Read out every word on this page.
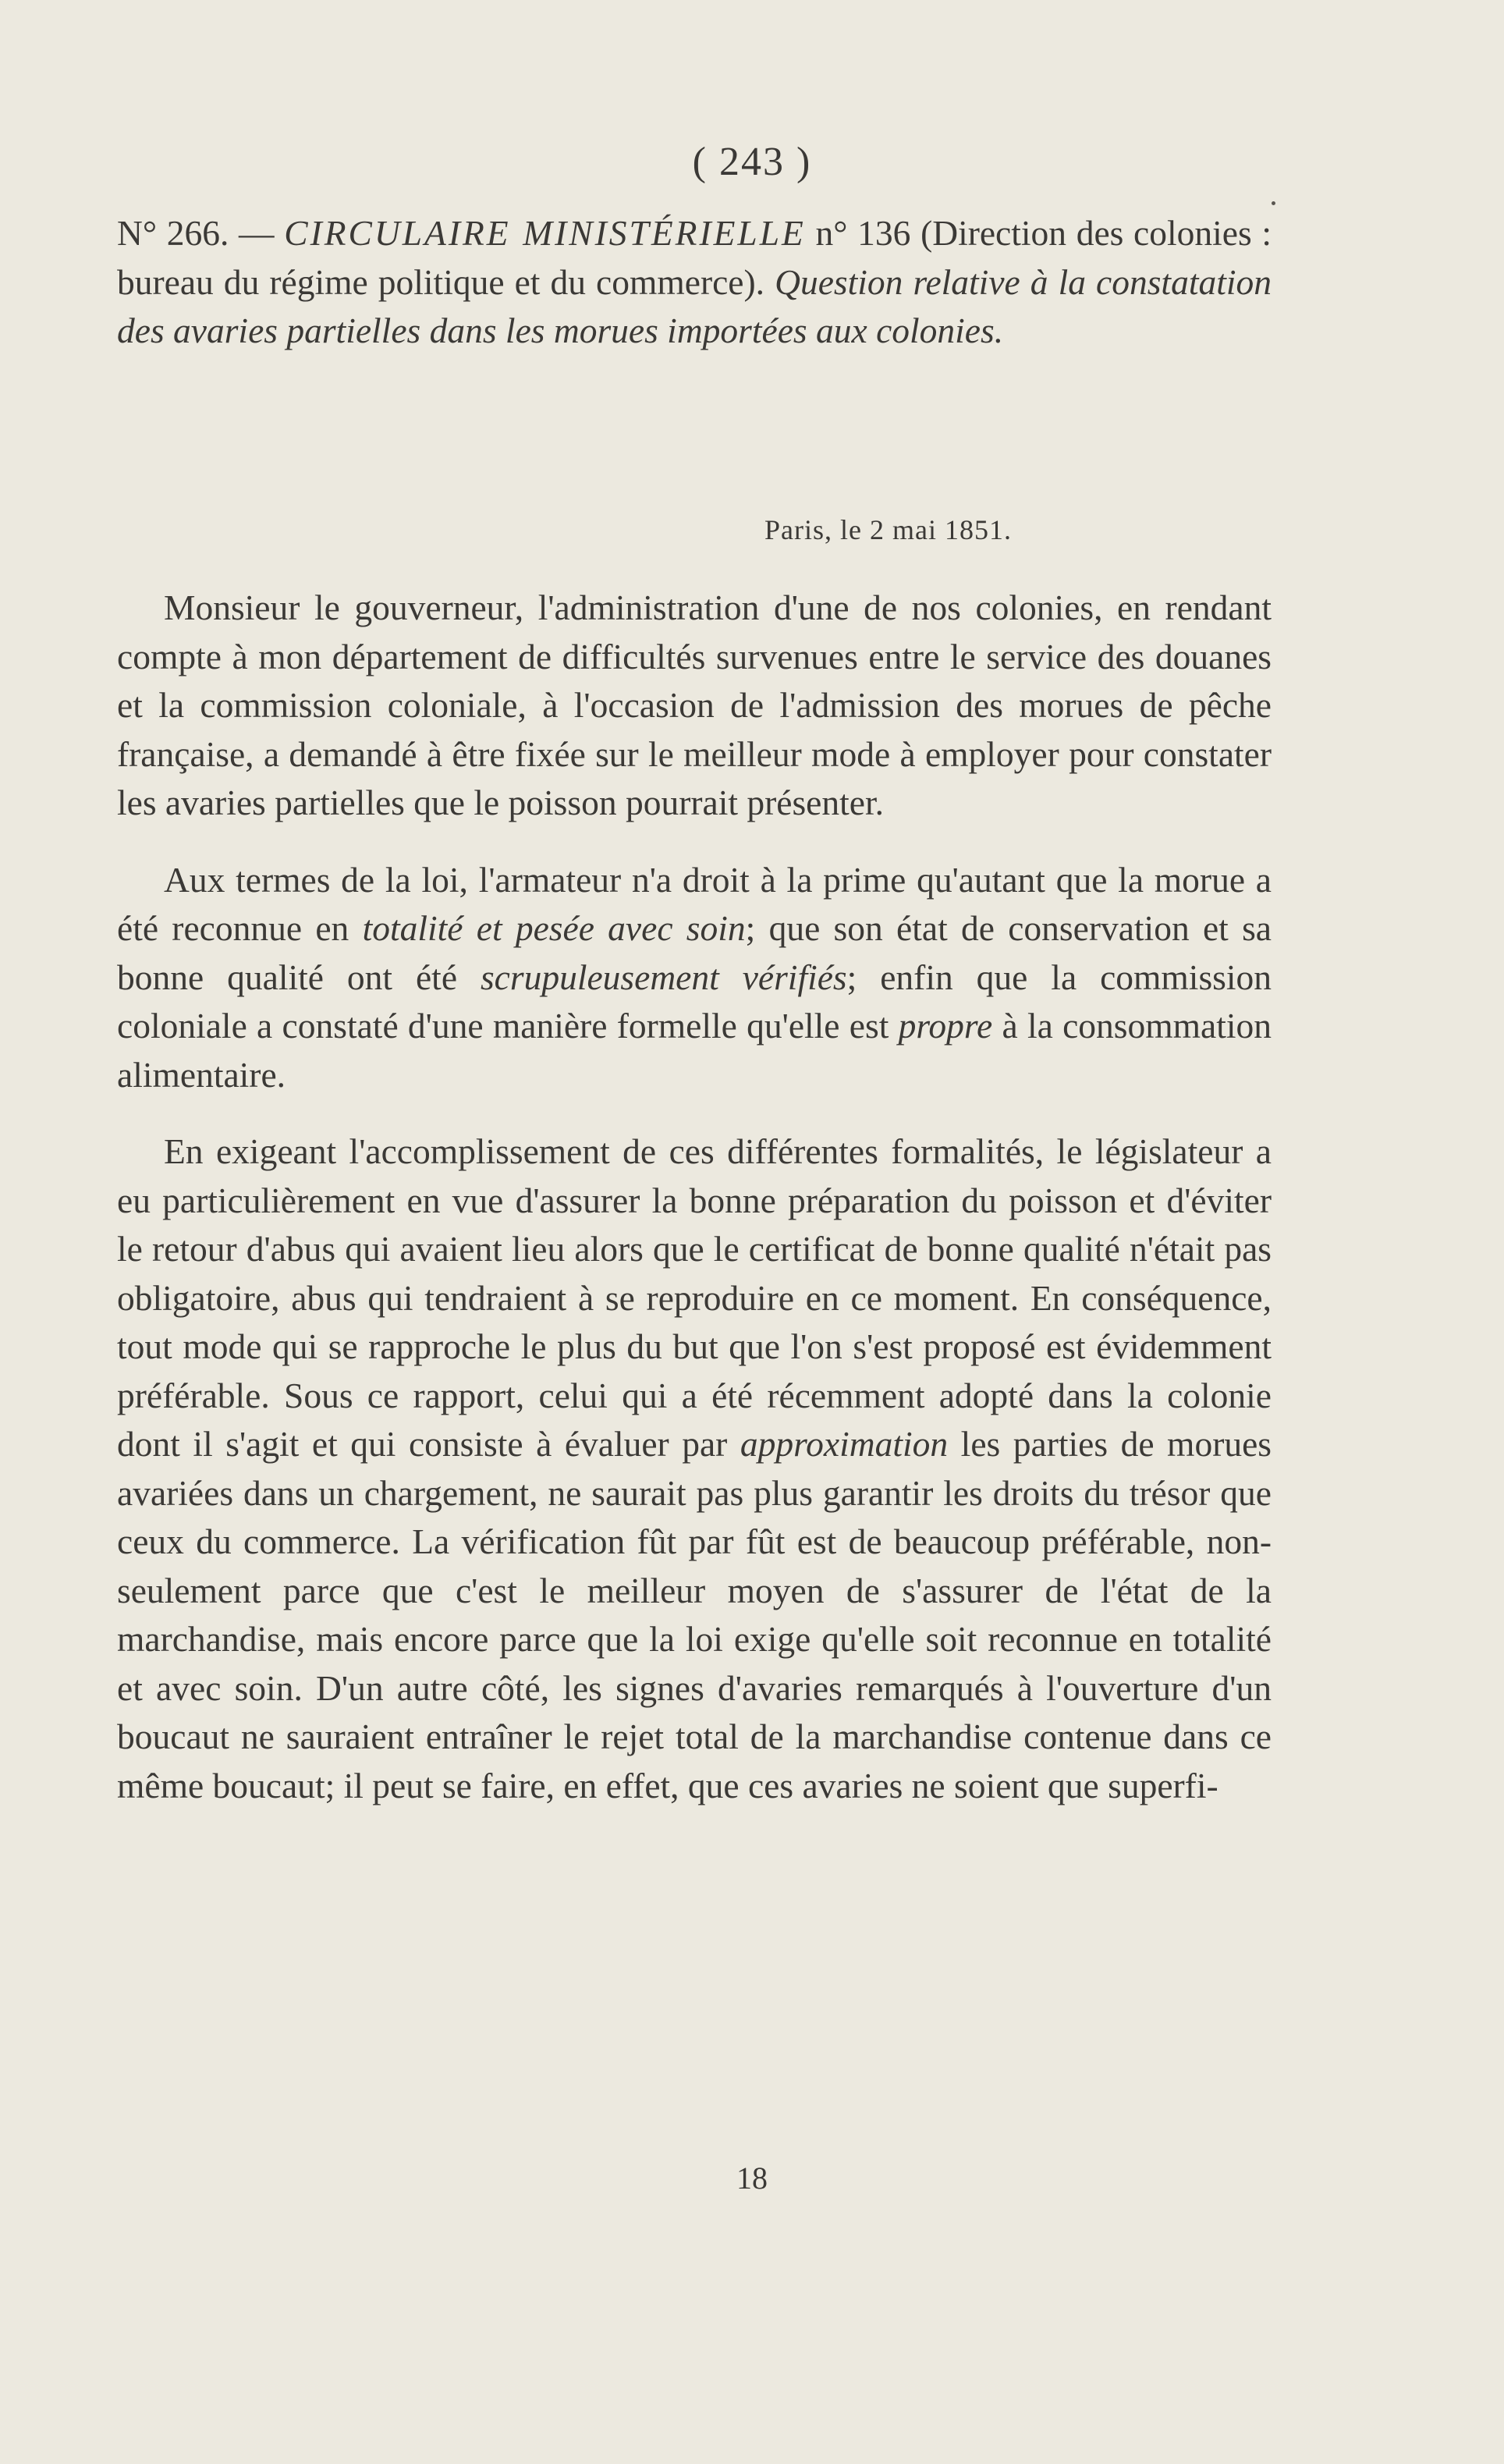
( 243 )
N° 266. — CIRCULAIRE MINISTÉRIELLE n° 136 (Direction des colonies : bureau du régime politique et du commerce). Question relative à la constatation des avaries partielles dans les morues importées aux colonies.
Paris, le 2 mai 1851.

Monsieur le gouverneur, l'administration d'une de nos colonies, en rendant compte à mon département de difficultés survenues entre le service des douanes et la commission coloniale, à l'occasion de l'admission des morues de pêche française, a demandé à être fixée sur le meilleur mode à employer pour constater les avaries partielles que le poisson pourrait présenter.

Aux termes de la loi, l'armateur n'a droit à la prime qu'autant que la morue a été reconnue en totalité et pesée avec soin; que son état de conservation et sa bonne qualité ont été scrupuleusement vérifiés; enfin que la commission coloniale a constaté d'une manière formelle qu'elle est propre à la consommation alimentaire.

En exigeant l'accomplissement de ces différentes formalités, le législateur a eu particulièrement en vue d'assurer la bonne préparation du poisson et d'éviter le retour d'abus qui avaient lieu alors que le certificat de bonne qualité n'était pas obligatoire, abus qui tendraient à se reproduire en ce moment. En conséquence, tout mode qui se rapproche le plus du but que l'on s'est proposé est évidemment préférable. Sous ce rapport, celui qui a été récemment adopté dans la colonie dont il s'agit et qui consiste à évaluer par approximation les parties de morues avariées dans un chargement, ne saurait pas plus garantir les droits du trésor que ceux du commerce. La vérification fût par fût est de beaucoup préférable, non-seulement parce que c'est le meilleur moyen de s'assurer de l'état de la marchandise, mais encore parce que la loi exige qu'elle soit reconnue en totalité et avec soin. D'un autre côté, les signes d'avaries remarqués à l'ouverture d'un boucaut ne sauraient entraîner le rejet total de la marchandise contenue dans ce même boucaut; il peut se faire, en effet, que ces avaries ne soient que superfi-

18
